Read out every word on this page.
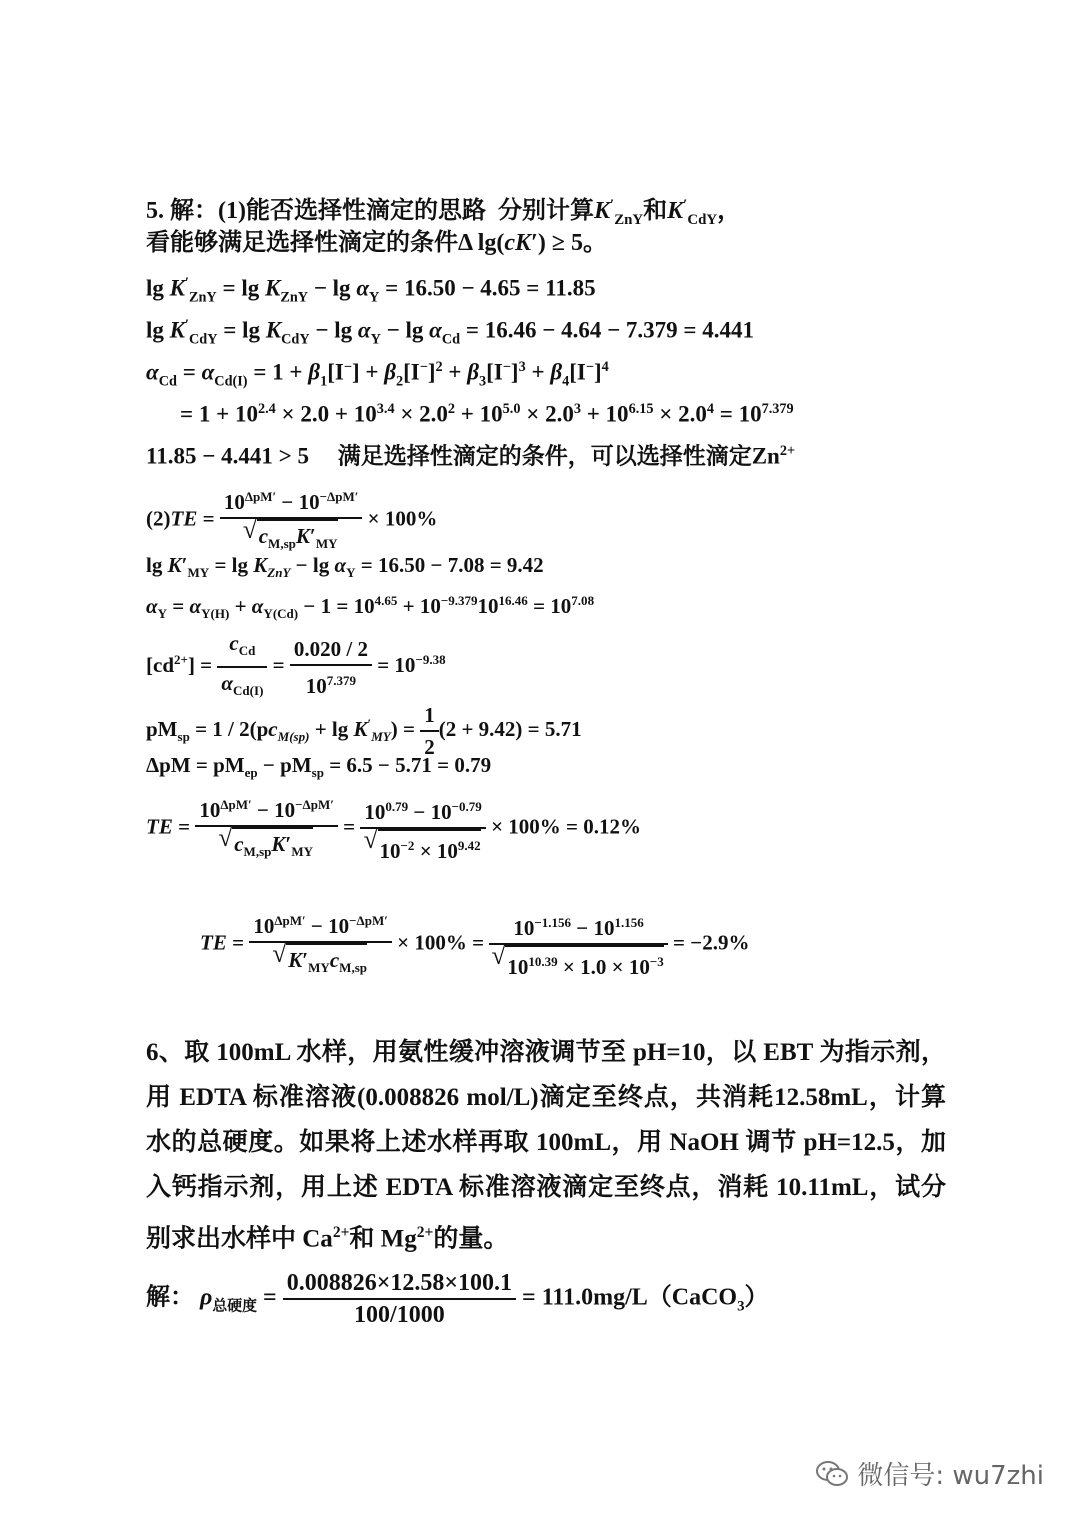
5. 解：(1)能否选择性滴定的思路  分别计算$K'_{ZnY}$和$K'_{CdY}$，
看能够满足选择性滴定的条件Δ lg(cK′) ≥ 5。
$\lg K'_{ZnY} = \lg K_{ZnY} - \lg \alpha_Y = 16.50 - 4.65 = 11.85$
$\lg K'_{CdY} = \lg K_{CdY} - \lg \alpha_Y - \lg \alpha_{Cd} = 16.46 - 4.64 - 7.379 = 4.441$
$\alpha_{Cd} = \alpha_{Cd(I)} = 1 + \beta_1[I^-] + \beta_2[I^-]^2 + \beta_3[I^-]^3 + \beta_4[I^-]^4$
= $1 + 10^{2.4} \times 2.0 + 10^{3.4} \times 2.0^2 + 10^{5.0} \times 2.0^3 + 10^{6.15} \times 2.0^4 = 10^{7.379}$
11.85 − 4.441 > 5     满足选择性滴定的条件，可以选择性滴定$Zn^{2+}$
$(2)TE = 10^{\Delta pM'} - 10^{-\Delta pM'}$
√ $c_{M,sp}K'_{MY} \times 100\%$
$\lg K'_{MY} = \lg K_{ZnY} - \lg \alpha_Y = 16.50 - 7.08 = 9.42$
$\alpha_Y = \alpha_{Y(H)} + \alpha_{Y(Cd)} - 1 = 10^{4.65} + 10^{-9.379}10^{16.46} = 10^{7.08}$
$[cd^{2+}] = \frac{c_{Cd}}{\alpha_{Cd(I)}} = \frac{0.020 / 2}{10^{7.379}} = 10^{-9.38}$
$pM_{sp} = 1 / 2(pc_{M(sp)} + \lg K'_{MY}) = \frac{1}{2} (2 + 9.42) = 5.71$
$\Delta pM = pM_{ep} - pM_{sp} = 6.5 - 5.71 = 0.79$
TE = $10^{\Delta pM'} - 10^{-\Delta pM'}$
√ $c_{M,sp}K'_{MY} = 10^{0.79} - 10^{-0.79}$
√ $10^{-2} \times 10^{9.42} \times 100\% = 0.12\%$
TE = $10^{\Delta pM'} - 10^{-\Delta pM'}$
√ $K'_{MY}c_{M,sp} \times 100\% = 10^{-1.156} - 10^{1.156}$
√ $10^{10.39} \times 1.0 \times 10^{-3} = -2.9\%$
6、取 100mL 水样，用氨性缓冲溶液调节至 pH=10，以 EBT 为指示剂，用 EDTA 标准溶液(0.008826 mol/L)滴定至终点，共消耗12.58mL，计算水的总硬度。如果将上述水样再取 100mL，用 NaOH 调节 pH=12.5，加入钙指示剂，用上述 EDTA 标准溶液滴定至终点，消耗 10.11mL，试分别求出水样中 $Ca^{2+}$和 $Mg^{2+}$的量。
解： $\rho_{总硬度} = \frac{0.008826\times 12.58\times 100.1}{100/1000}$ = 111.0mg/L（CaCO$_3$）
微信号: wu7zhi
